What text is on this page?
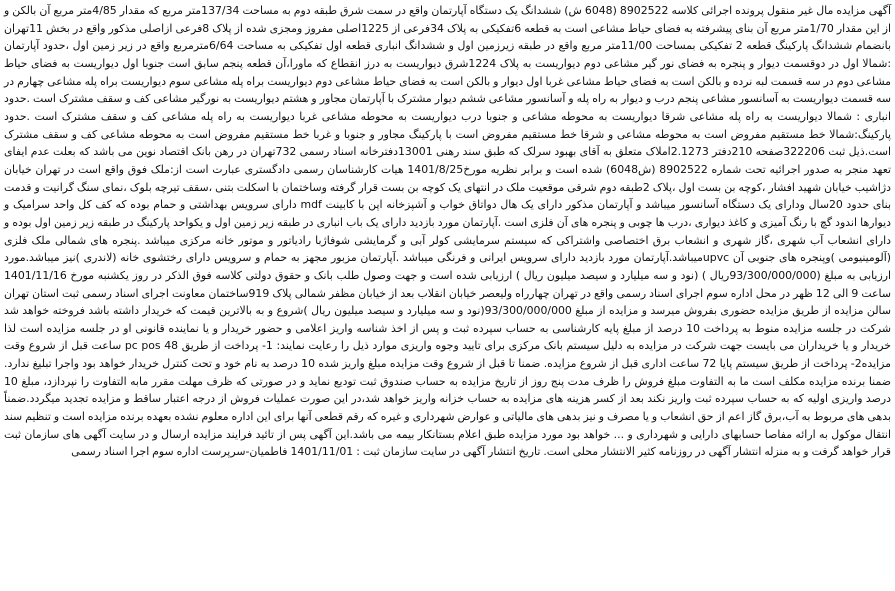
آگهی مزایده مال غیر منقول پرونده اجرائی کلاسه 8902522 (6048 ش) ششدانگ یک دستگاه آپارتمان واقع در سمت شرق طبقه دوم به مساحت 137/34متر مربع که مقدار 4/85متر مربع آن بالکن و از این مقدار 1/70متر مربع آن بنای پیشرفته به فضای حیاط مشاعی است به قطعه 6تفکیکی به پلاک 34فرعی از 1225اصلی مفروز ومجزی شده از پلاک 8فرعی ازاصلی مذکور واقع در بخش 11تهران بانضمام ششدانگ پارکینگ قطعه 2 تفکیکی بمساحت 11/00متر مربع واقع در طبقه زیرزمین اول و ششدانگ انباری قطعه اول تفکیکی به مساحت 6/64مترمربع واقع در زیر زمین اول ،حدود آپارتمان :شمالا اول در دوقسمت دیوار و پنجره به فضای نور گیر مشاعی دوم دیواریست به پلاک 1224شرق دیواریست به درز انقطاع که ماورا،آن قطعه پنجم سابق است جنوبا اول دیواریست به فضای حیاط مشاعی دوم در سه قسمت لبه نرده و بالکن است به فضای حیاط مشاعی غربا اول دیوار و بالکن است به فضای حیاط مشاعی دوم دیواریست براه پله مشاعی سوم دیواریست براه پله مشاعی چهارم در سه قسمت دیواریست به آسانسور مشاعی پنجم درب و دیوار به راه پله و آسانسور مشاعی ششم دیوار مشترک با آپارتمان مجاور و هشتم دیواریست به نورگیر مشاعی کف و سقف مشترک است .حدود انباری : شمالا دیواریست به راه پله مشاعی شرقا دیواریست به محوطه مشاعی و جنوبا درب دیواریست به محوطه مشاعی غربا دیواریست به راه پله مشاعی کف و سقف مشترک است .حدود پارکینگ:شمالا خط مستقیم مفروض است به محوطه مشاعی و شرقا خط مستقیم مفروض است با پارکینگ مجاور و جنوبا و غربا خط مستقیم مفروض است به محوطه مشاعی کف و سقف مشترک است.ذیل ثبت 322206صفحه 210دفتر 2.1273املاک متعلق به آقای بهبود سرلک که طبق سند رهنی 13001دفترخانه اسناد رسمی 732تهران در رهن بانک اقتصاد نوین می باشد که بعلت عدم ایفای تعهد منجر به صدور اجرائیه تحت شماره 8902522 (ش6048) شده است و برابر نظریه مورخ1401/8/25 هیات کارشناسان رسمی دادگستری عبارت است از:ملک فوق واقع است در تهران خیابان دژاشیب خیابان شهید افشار ،کوچه بن بست اول ،پلاک 2طبقه دوم شرقی موقعیت ملک در انتهای یک کوچه بن بست قرار گرفته وساختمان با اسکلت بتنی ،سقف تیرچه بلوک ،نمای سنگ گرانیت و قدمت بنای حدود 20سال ودارای یک دستگاه آسانسور میباشد و آپارتمان مذکور دارای یک هال دواتاق خواب و آشپزخانه اپن با کابینت mdf دارای سرویس بهداشتی و حمام بوده که کف کل واحد سرامیک و دیوارها اندود گچ با رنگ آمیزی و کاغذ دیواری ،درب ها چوبی و پنجره های آن فلزی است .آپارتمان مورد بازدید دارای یک باب انباری در طبقه زیر زمین اول و یکواحد پارکینگ در طبقه زیر زمین اول بوده و دارای انشعاب آب شهری ،گاز شهری و انشعاب برق اختصاصی واشتراکی که سیستم سرمایشی کولر آبی و گرمایشی شوفاژبا رادیاتور و موتور خانه مرکزی میباشد .پنجره های شمالی ملک فلزی (آلومینیومی )وپنجره های جنوبی آن upvcمیباشد.آپارتمان مورد بازدید دارای سرویس ایرانی و فرنگی میباشد .آپارتمان مزبور مجهز به حمام و سرویس دارای رختشوی خانه (لاندری )نیز میباشد.مورد ارزیابی به مبلغ (93/300/000/000ریال ) (نود و سه میلیارد و سیصد میلیون ریال ) ارزیابی شده است و جهت وصول طلب بانک و حقوق دولتی کلاسه فوق الذکر در روز یکشنبه مورخ 1401/11/16 ساعت 9 الی 12 ظهر در محل اداره سوم اجرای اسناد رسمی واقع در تهران چهارراه ولیعصر خیابان انقلاب بعد از خیابان مظفر شمالی پلاک 919ساختمان معاونت اجرای اسناد رسمی ثبت استان تهران سالن مزایده از طریق مزایده حضوری بفروش میرسد و مزایده از مبلغ 93/300/000/000(نود و سه میلیارد و سیصد میلیون ریال )شروع و به بالاترین قیمت که خریدار داشته باشد فروخته خواهد شد شرکت در جلسه مزایده منوط به پرداخت 10 درصد از مبلغ پایه کارشناسی به حساب سپرده ثبت و پس از اخذ شناسه واریز اعلامی و حضور خریدار و یا نماینده قانونی او در جلسه مزایده است لذا خریدار و یا خریداران می بایست جهت شرکت در مزایده به دلیل سیستم بانک مرکزی برای تایید وجوه واریزی موارد ذیل را رعایت نمایند: 1- پرداخت از طریق pc pos 48 ساعت قبل از شروع وقت مزایده2- پرداخت از طریق سیستم پایا 72 ساعت اداری قبل از شروع مزایده. ضمنا تا قبل از شروع وقت مزایده مبلغ واریز شده 10 درصد به نام خود و تحت کنترل خریدار خواهد بود واجرا تبلیغ ندارد. ضمنا برنده مزایده مکلف است ما به التفاوت مبلغ فروش را ظرف مدت پنج روز از تاریخ مزایده به حساب صندوق ثبت تودیع نماید و در صورتی که ظرف مهلت مقرر مابه التفاوت را نپردازد، مبلغ 10 درصد واریزی اولیه که به حساب سپرده ثبت واریز نکند بعد از کسر هزینه های مزایده به حساب خزانه واریز خواهد شد،در این صورت عملیات فروش از درجه اعتبار ساقط و مزایده تجدید میگردد.ضمناً بدهی های مربوط به آب،برق گاز اعم از حق انشعاب و یا مصرف و نیز بدهی های مالیاتی و عوارض شهرداری و غیره که رقم قطعی آنها برای این اداره معلوم نشده بعهده برنده مزایده است و تنظیم سند انتقال موکول به ارائه مفاصا حسابهای دارایی و شهرداری و ... خواهد بود مورد مزایده طبق اعلام بستانکار بیمه می باشد.این آگهی پس از تائید فرایند مزایده ارسال و در سایت آگهی های سازمان ثبت قرار خواهد گرفت و به منزله انتشار آگهی در روزنامه کثیر الانتشار محلی است. تاریخ انتشار آگهی در سایت سازمان ثبت : 1401/11/01 فاطمیان-سرپرست اداره سوم اجرا اسناد رسمی
